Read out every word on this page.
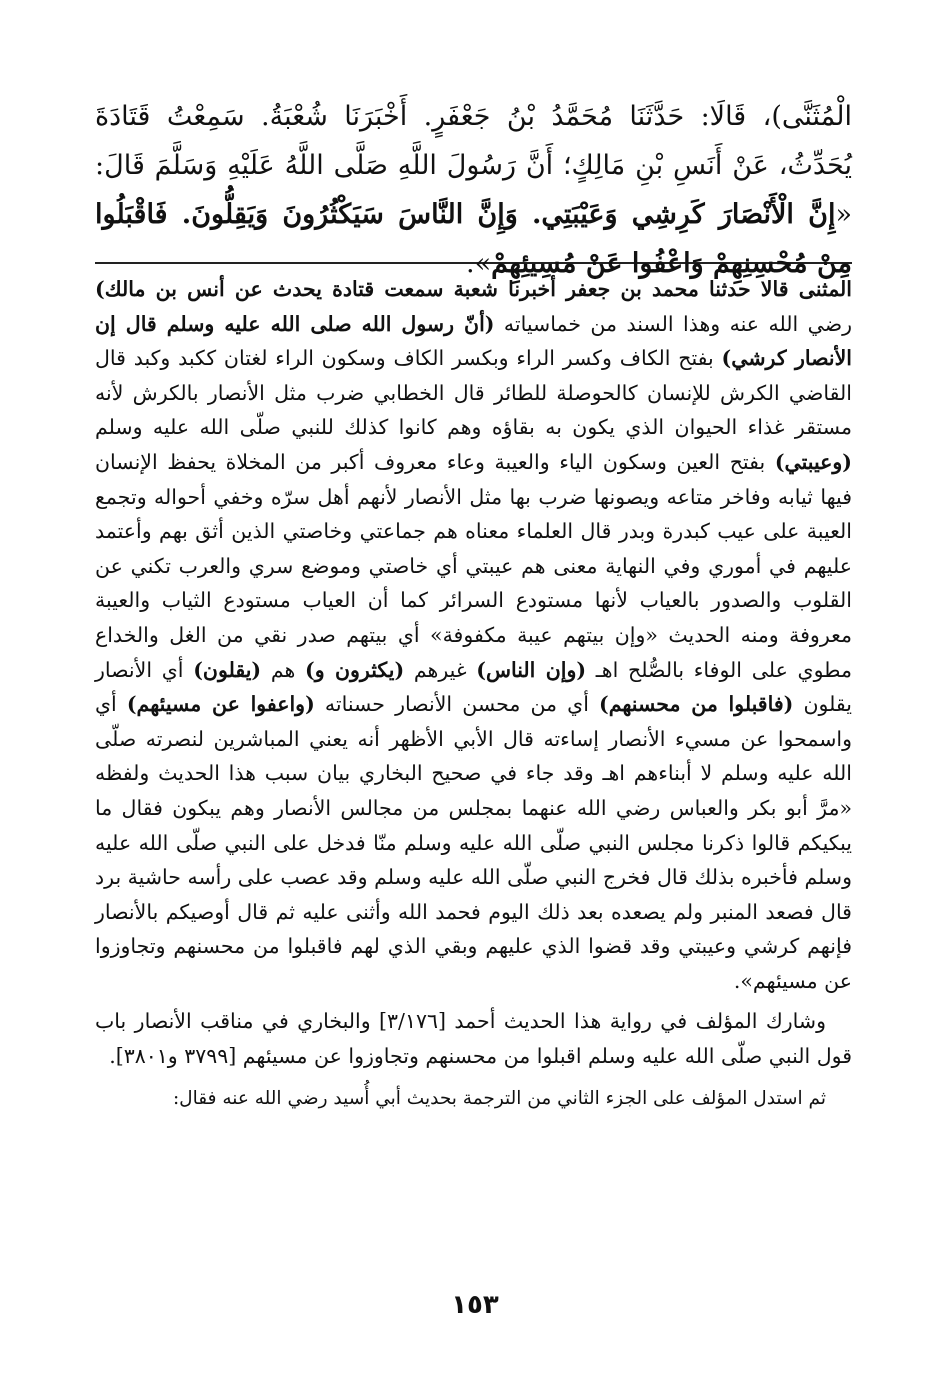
الْمُثَنَّى)، قَالَا: حَدَّثَنَا مُحَمَّدُ بْنُ جَعْفَرٍ. أَخْبَرَنَا شُعْبَةُ. سَمِعْتُ قَتَادَةَ يُحَدِّثُ، عَنْ أَنَسِ بْنِ مَالِكٍ؛ أَنَّ رَسُولَ اللَّهِ صَلَّى اللَّهُ عَلَيْهِ وَسَلَّمَ قَالَ: «إِنَّ الْأَنْصَارَ كَرِشِي وَعَيْبَتِي. وَإِنَّ النَّاسَ سَيَكْثُرُونَ وَيَقِلُّونَ. فَاقْبَلُوا مِنْ مُحْسِنِهِمْ وَاعْفُوا عَنْ مُسِيئِهِمْ».

المثنى قالا حدثنا محمد بن جعفر أخبرنا شعبة سمعت قتادة يحدث عن أنس بن مالك) رضي الله عنه وهذا السند من خماسياته (أنّ رسول الله صلى الله عليه وسلم قال إن الأنصار كرشي) بفتح الكاف وكسر الراء وبكسر الكاف وسكون الراء لغتان ككبد وكبد قال القاضي الكرش للإنسان كالحوصلة للطائر قال الخطابي ضرب مثل الأنصار بالكرش لأنه مستقر غذاء الحيوان الذي يكون به بقاؤه وهم كانوا كذلك للنبي صلّى الله عليه وسلم (وعيبتي) بفتح العين وسكون الياء والعيبة وعاء معروف أكبر من المخلاة يحفظ الإنسان فيها ثيابه وفاخر متاعه ويصونها ضرب بها مثل الأنصار لأنهم أهل سرّه وخفي أحواله وتجمع العيبة على عيب كبدرة وبدر قال العلماء معناه هم جماعتي وخاصتي الذين أثق بهم وأعتمد عليهم في أموري وفي النهاية معنى هم عيبتي أي خاصتي وموضع سري والعرب تكني عن القلوب والصدور بالعياب لأنها مستودع السرائر كما أن العياب مستودع الثياب والعيبة معروفة ومنه الحديث «وإن بيتهم عيبة مكفوفة» أي بيتهم صدر نقي من الغل والخداع مطوي على الوفاء بالصُّلح اهـ (وإن الناس) غيرهم (يكثرون و) هم (يقلون) أي الأنصار يقلون (فاقبلوا من محسنهم) أي من محسن الأنصار حسناته (واعفوا عن مسيئهم) أي واسمحوا عن مسيء الأنصار إساءته قال الأبي الأظهر أنه يعني المباشرين لنصرته صلّى الله عليه وسلم لا أبناءهم اهـ وقد جاء في صحيح البخاري بيان سبب هذا الحديث ولفظه «مرَّ أبو بكر والعباس رضي الله عنهما بمجلس من مجالس الأنصار وهم يبكون فقال ما يبكيكم قالوا ذكرنا مجلس النبي صلّى الله عليه وسلم منّا فدخل على النبي صلّى الله عليه وسلم فأخبره بذلك قال فخرج النبي صلّى الله عليه وسلم وقد عصب على رأسه حاشية برد قال فصعد المنبر ولم يصعده بعد ذلك اليوم فحمد الله وأثنى عليه ثم قال أوصيكم بالأنصار فإنهم كرشي وعيبتي وقد قضوا الذي عليهم وبقي الذي لهم فاقبلوا من محسنهم وتجاوزوا عن مسيئهم».

وشارك المؤلف في رواية هذا الحديث أحمد [٣/١٧٦] والبخاري في مناقب الأنصار باب قول النبي صلّى الله عليه وسلم اقبلوا من محسنهم وتجاوزوا عن مسيئهم [٣٧٩٩ و٣٨٠١].

ثم استدل المؤلف على الجزء الثاني من الترجمة بحديث أبي أُسيد رضي الله عنه فقال:

١٥٣
